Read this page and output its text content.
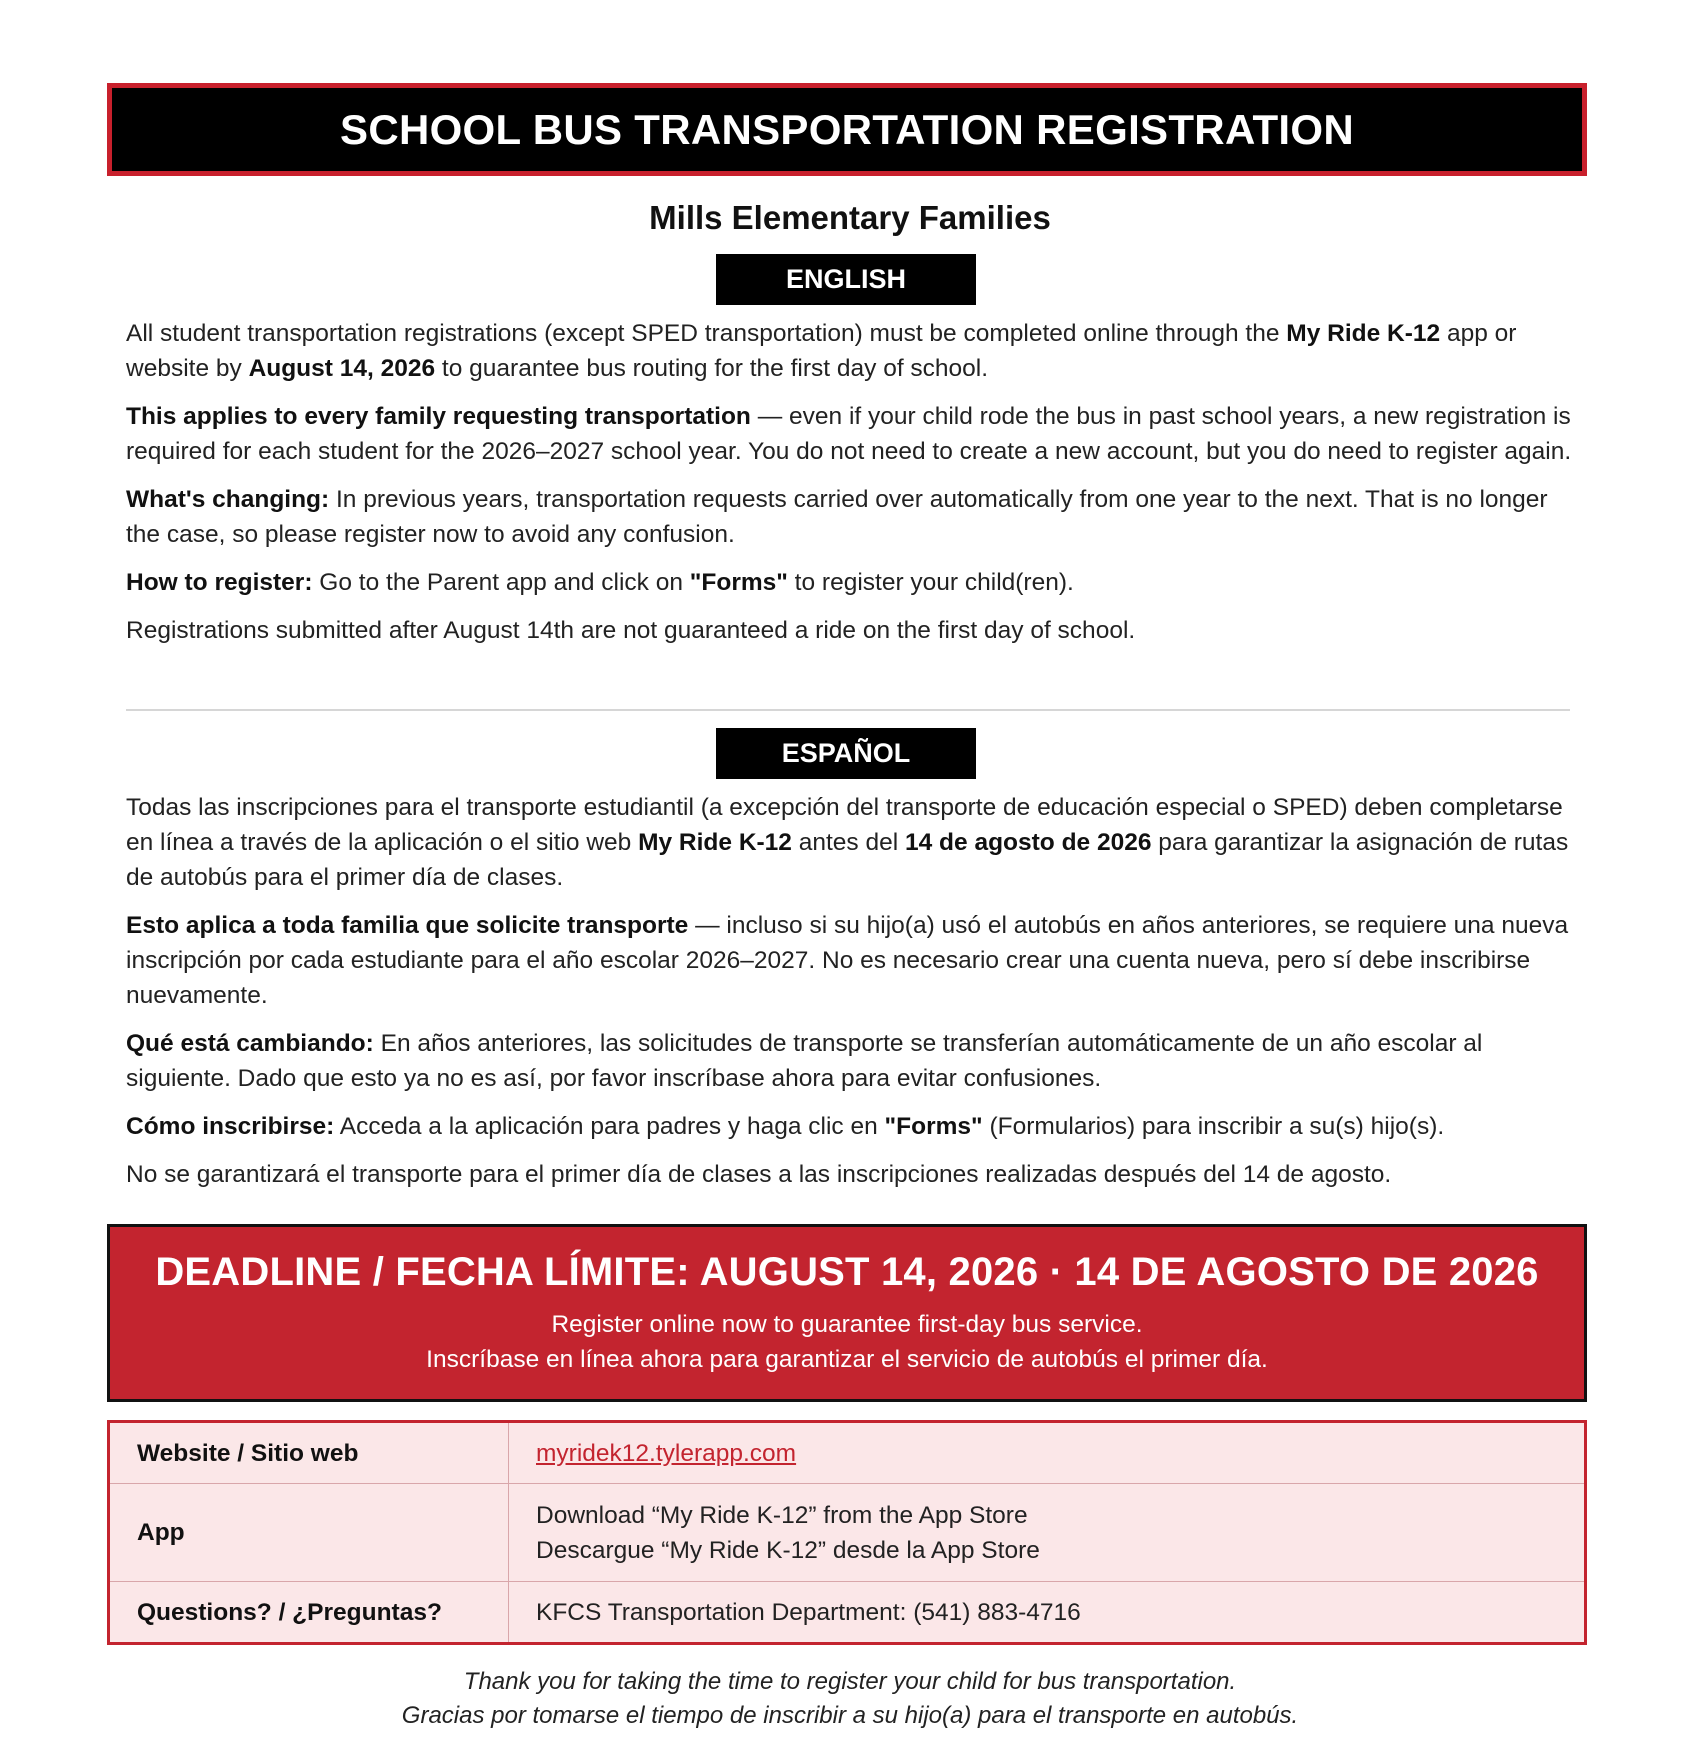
SCHOOL BUS TRANSPORTATION REGISTRATION
Mills Elementary Families
ENGLISH

All student transportation registrations (except SPED transportation) must be completed online through the My Ride K-12 app or website by August 14, 2026 to guarantee bus routing for the first day of school.

This applies to every family requesting transportation — even if your child rode the bus in past school years, a new registration is required for each student for the 2026–2027 school year. You do not need to create a new account, but you do need to register again.

What's changing: In previous years, transportation requests carried over automatically from one year to the next. That is no longer the case, so please register now to avoid any confusion.

How to register: Go to the Parent app and click on "Forms" to register your child(ren).

Registrations submitted after August 14th are not guaranteed a ride on the first day of school.

ESPAÑOL

Todas las inscripciones para el transporte estudiantil (a excepción del transporte de educación especial o SPED) deben completarse en línea a través de la aplicación o el sitio web My Ride K-12 antes del 14 de agosto de 2026 para garantizar la asignación de rutas de autobús para el primer día de clases.

Esto aplica a toda familia que solicite transporte — incluso si su hijo(a) usó el autobús en años anteriores, se requiere una nueva inscripción por cada estudiante para el año escolar 2026–2027. No es necesario crear una cuenta nueva, pero sí debe inscribirse nuevamente.

Qué está cambiando: En años anteriores, las solicitudes de transporte se transferían automáticamente de un año escolar al siguiente. Dado que esto ya no es así, por favor inscríbase ahora para evitar confusiones.

Cómo inscribirse: Acceda a la aplicación para padres y haga clic en "Forms" (Formularios) para inscribir a su(s) hijo(s).

No se garantizará el transporte para el primer día de clases a las inscripciones realizadas después del 14 de agosto.

DEADLINE / FECHA LÍMITE: AUGUST 14, 2026 · 14 DE AGOSTO DE 2026
Register online now to guarantee first-day bus service.
Inscríbase en línea ahora para garantizar el servicio de autobús el primer día.
Website / Sitio web	myridek12.tylerapp.com
App	Download “My Ride K-12” from the App Store
Descargue “My Ride K-12” desde la App Store

Questions? / ¿Preguntas?	KFCS Transportation Department: (541) 883-4716
Thank you for taking the time to register your child for bus transportation.
Gracias por tomarse el tiempo de inscribir a su hijo(a) para el transporte en autobús.
